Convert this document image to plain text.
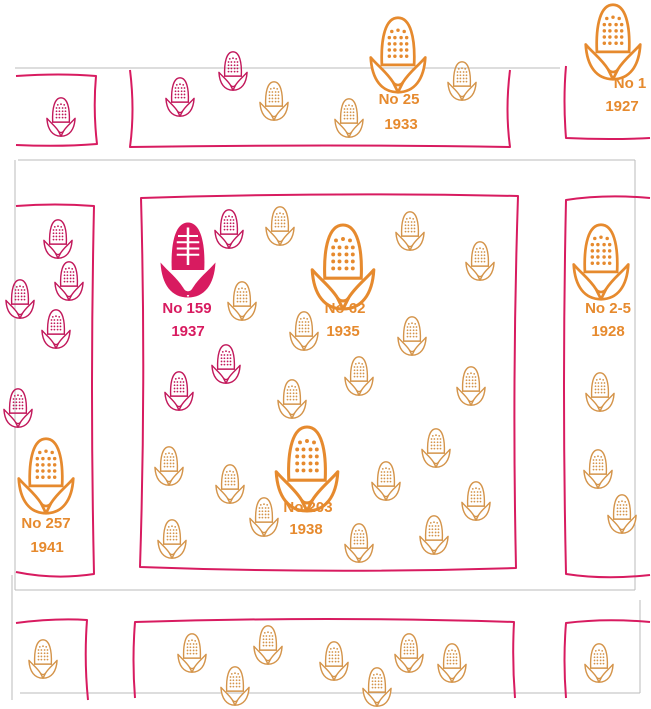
No 25
1933
No 1
1927
No 159
1937
No 62
1935
No 2-5
1928
No 257
1941
No 203
1938
